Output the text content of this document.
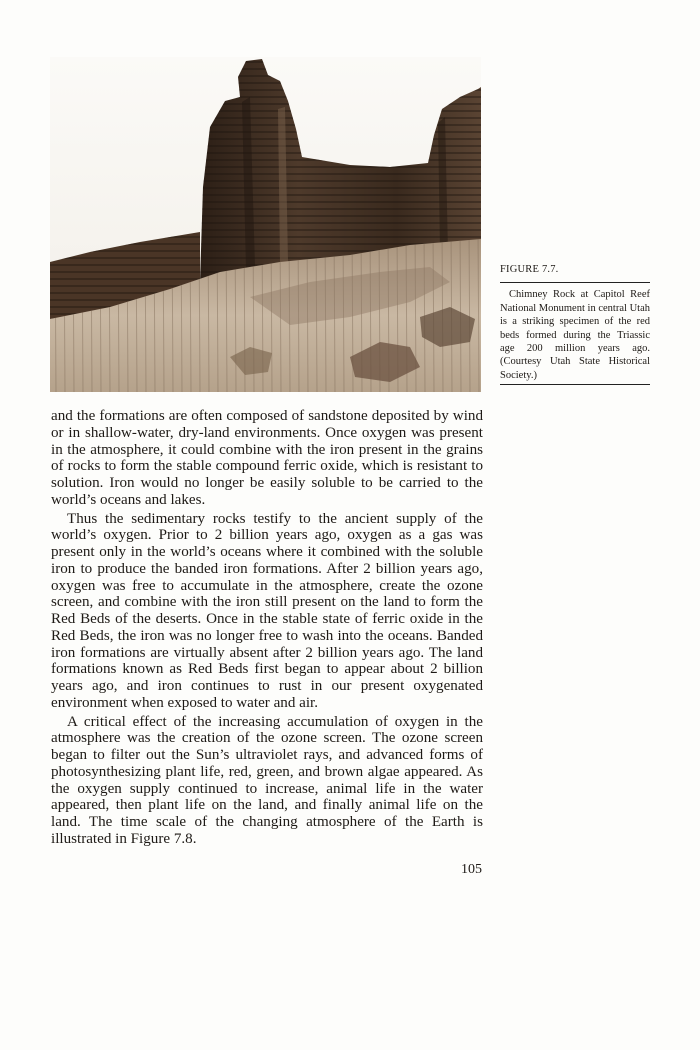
FIGURE 7.7.
Chimney Rock at Capitol Reef National Monument in central Utah is a striking specimen of the red beds formed during the Triassic age 200 million years ago. (Courtesy Utah State Historical Society.)

and the formations are often composed of sandstone deposited by wind or in shallow-water, dry-land environments. Once oxygen was present in the atmosphere, it could combine with the iron present in the grains of rocks to form the stable compound ferric oxide, which is resistant to solution. Iron would no longer be easily soluble to be carried to the world’s oceans and lakes.

Thus the sedimentary rocks testify to the ancient supply of the world’s oxygen. Prior to 2 billion years ago, oxygen as a gas was present only in the world’s oceans where it combined with the soluble iron to produce the banded iron formations. After 2 billion years ago, oxygen was free to accumulate in the atmosphere, create the ozone screen, and combine with the iron still present on the land to form the Red Beds of the deserts. Once in the stable state of ferric oxide in the Red Beds, the iron was no longer free to wash into the oceans. Banded iron formations are virtually absent after 2 billion years ago. The land formations known as Red Beds first began to appear about 2 billion years ago, and iron continues to rust in our present oxygenated environment when exposed to water and air.

A critical effect of the increasing accumulation of oxygen in the atmosphere was the creation of the ozone screen. The ozone screen began to filter out the Sun’s ultraviolet rays, and advanced forms of photosynthesizing plant life, red, green, and brown algae appeared. As the oxygen supply continued to increase, animal life in the water appeared, then plant life on the land, and finally animal life on the land. The time scale of the changing atmosphere of the Earth is illustrated in Figure 7.8.

105
